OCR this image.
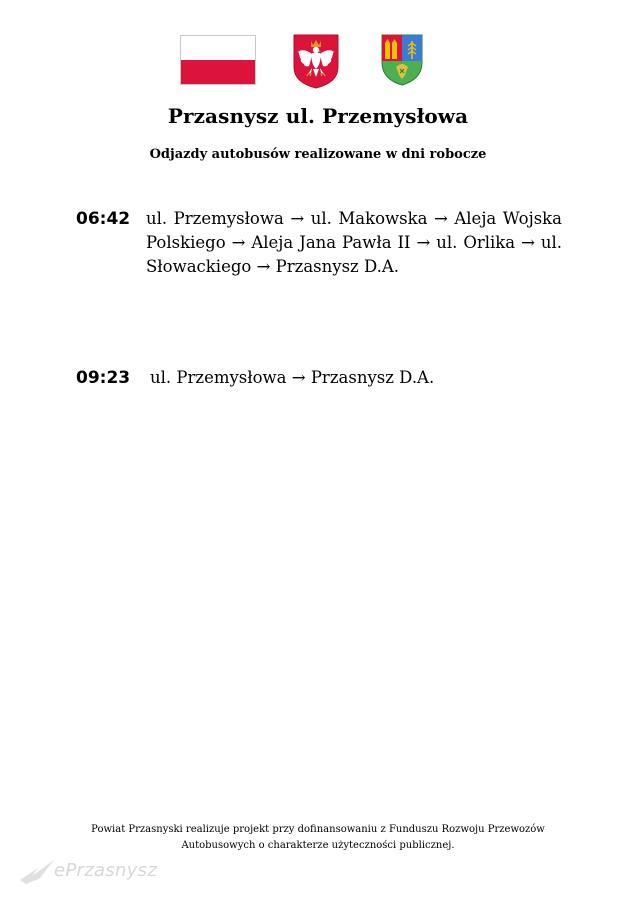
Przasnysz ul. Przemysłowa
Odjazdy autobusów realizowane w dni robocze
06:42 ul. Przemysłowa → ul. Makowska → Aleja Wojska Polskiego → Aleja Jana Pawła II → ul. Orlika → ul. Słowackiego → Przasnysz D.A.
09:23 ul. Przemysłowa → Przasnysz D.A.
Powiat Przasnyski realizuje projekt przy dofinansowaniu z Funduszu Rozwoju Przewozów
Autobusowych o charakterze użyteczności publicznej.
ePrzasnysz
